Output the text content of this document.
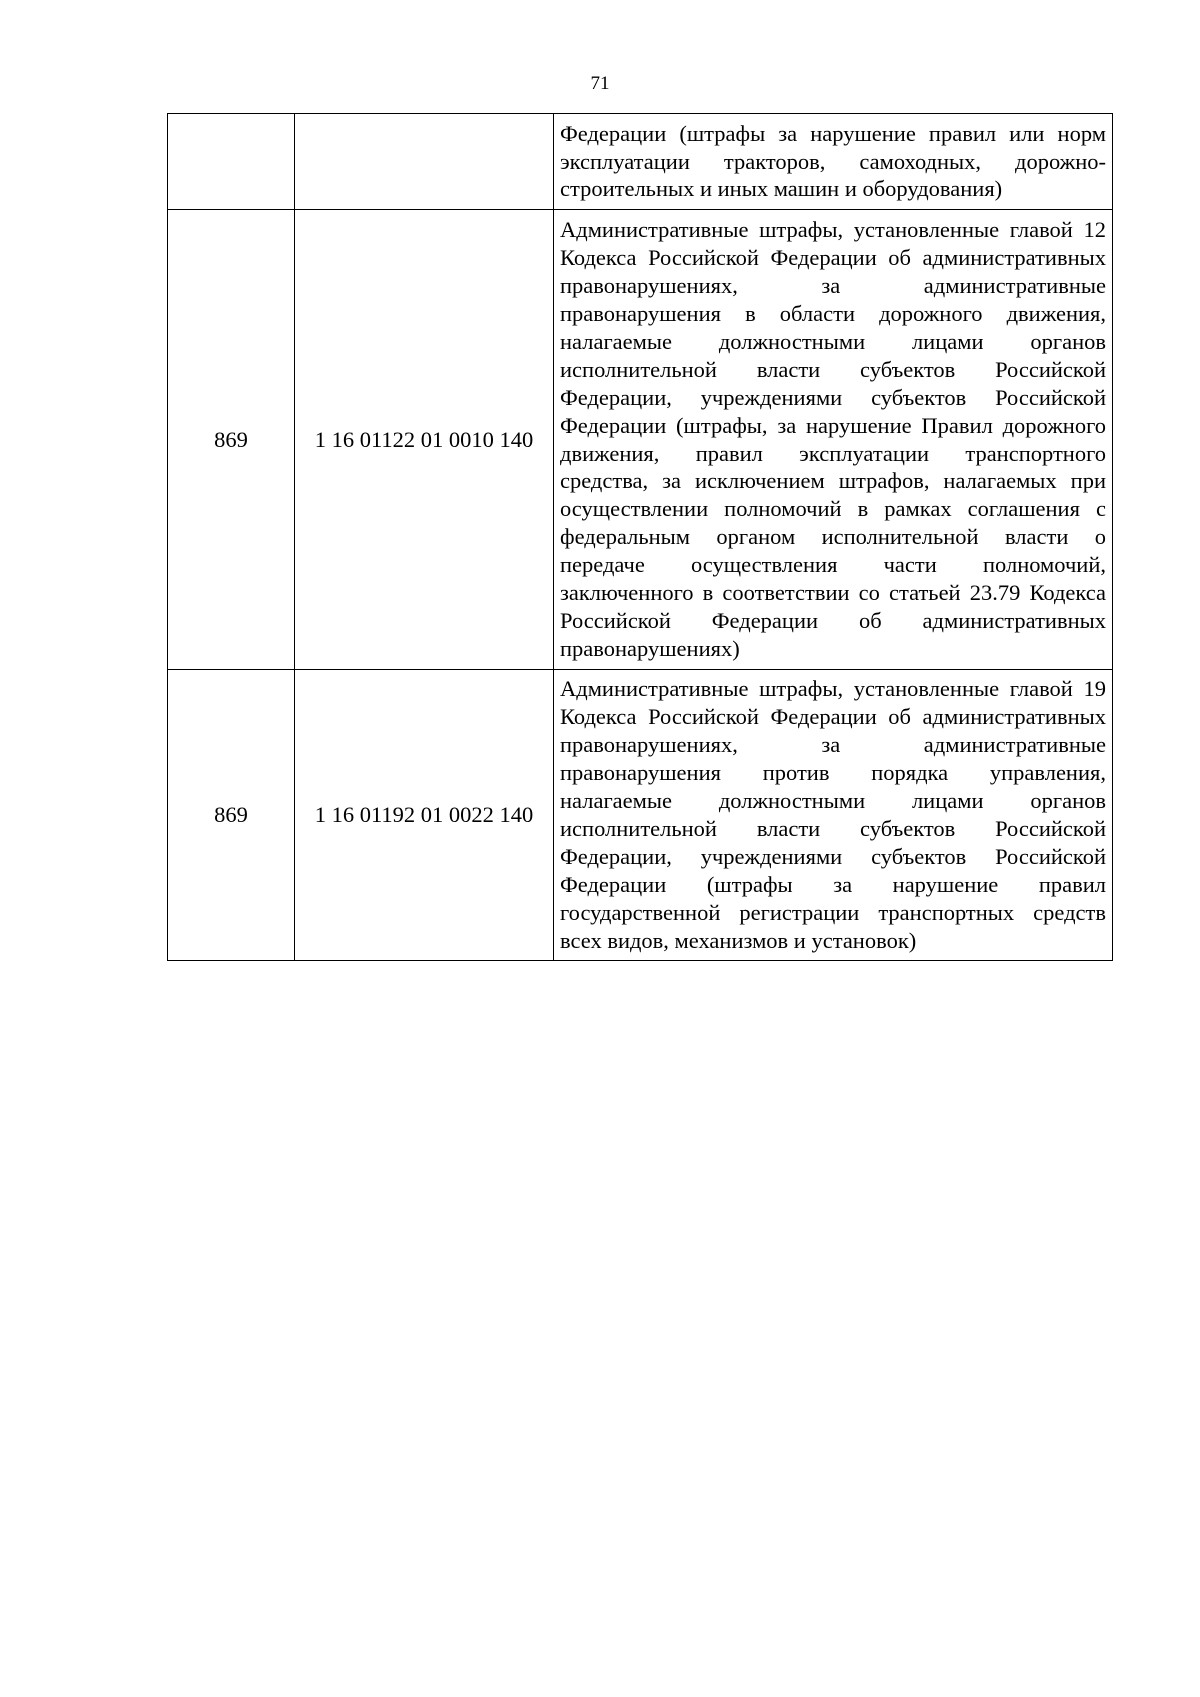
71

		Федерации (штрафы за нарушение правил или норм эксплуатации тракторов, самоходных, дорожно-строительных и иных машин и оборудования)

869	1 16 01122 01 0010 140	Административные штрафы, установленные главой 12 Кодекса Российской Федерации об административных правонарушениях, за административные правонарушения в области дорожного движения, налагаемые должностными лицами органов исполнительной власти субъектов Российской Федерации, учреждениями субъектов Российской Федерации (штрафы, за нарушение Правил дорожного движения, правил эксплуатации транспортного средства, за исключением штрафов, налагаемых при осуществлении полномочий в рамках соглашения с федеральным органом исполнительной власти о передаче осуществления части полномочий, заключенного в соответствии со статьей 23.79 Кодекса Российской Федерации об административных правонарушениях)

869	1 16 01192 01 0022 140	Административные штрафы, установленные главой 19 Кодекса Российской Федерации об административных правонарушениях, за административные правонарушения против порядка управления, налагаемые должностными лицами органов исполнительной власти субъектов Российской Федерации, учреждениями субъектов Российской Федерации (штрафы за нарушение правил государственной регистрации транспортных средств всех видов, механизмов и установок)
